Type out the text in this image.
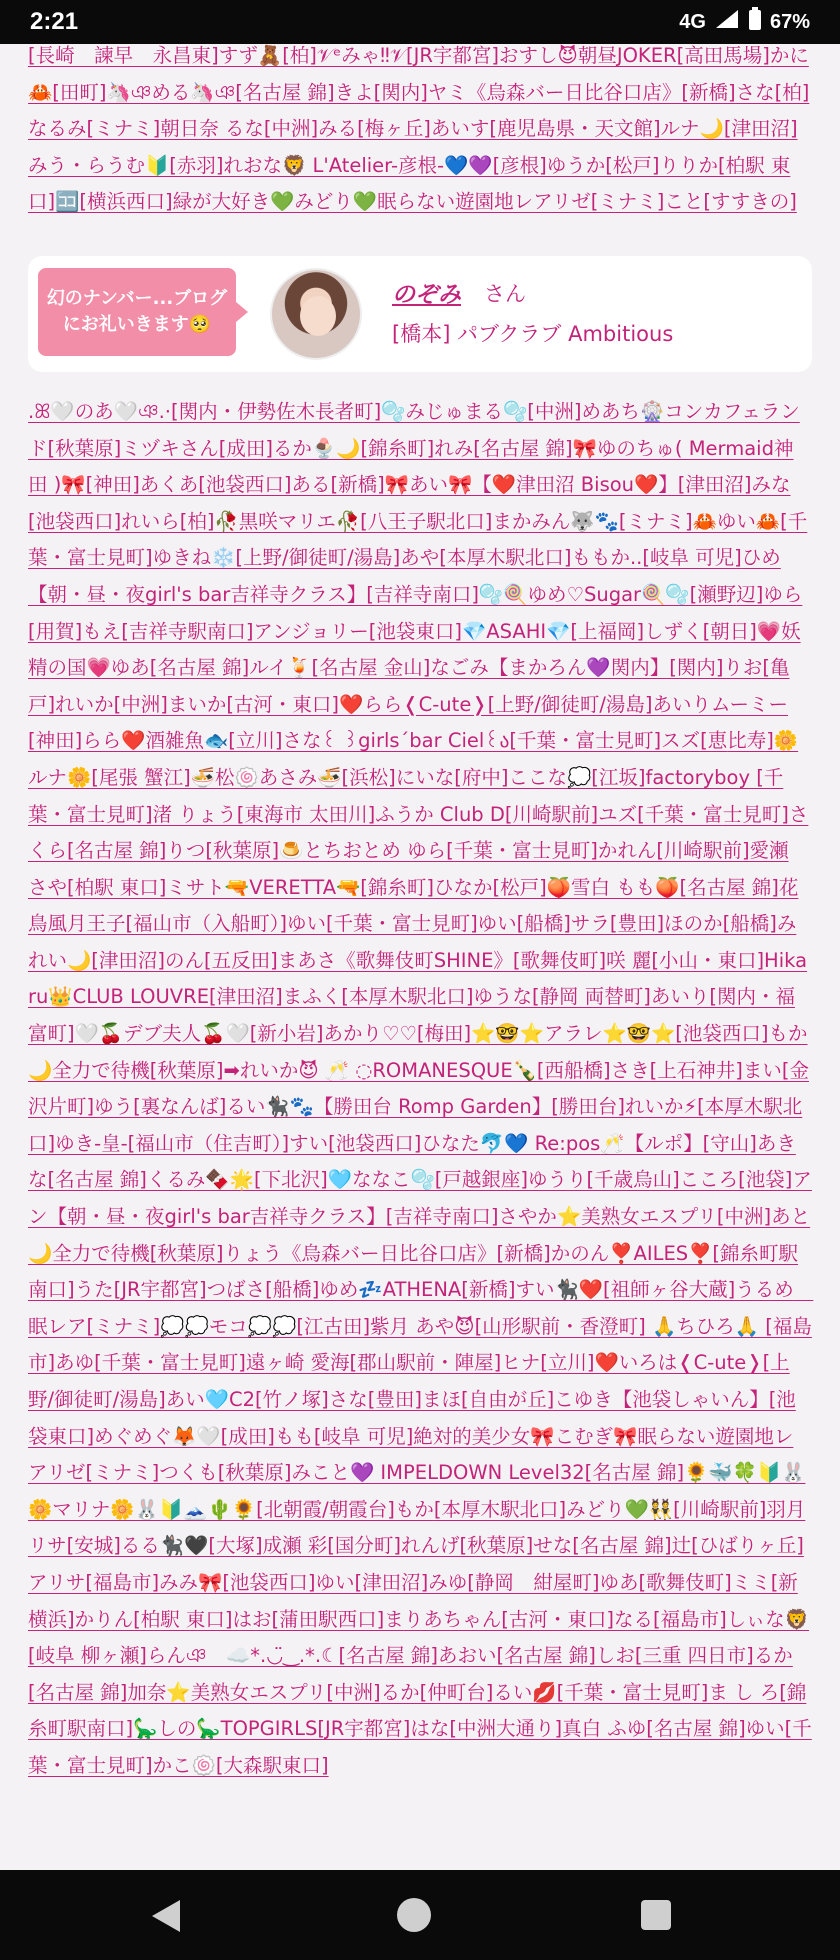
2:21	4G	67%
[長崎　諫早　永昌東]すず🧸[柏]𝒱ᵉみゃ‼︎𝒱[JR宇都宮]おすし😈朝昼JOKER[高田馬場]かに🦀[田町]🦄ঞめる🦄ঞ[名古屋 錦]きよ[関内]ヤミ《烏森バー日比谷口店》[新橋]さな[柏]なるみ[ミナミ]朝日奈 るな[中洲]みる[梅ヶ丘]あいす[鹿児島県・天文館]ルナ🌙[津田沼]みう・らうむ🔰[赤羽]れおな🦁 L'Atelier-彦根-💙💜[彦根]ゆうか[松戸]りりか[柏駅 東口]🈁[横浜西口]緑が大好き💚みどり💚眠らない遊園地レアリゼ[ミナミ]こと[すすきの]
幻のナンバー...ブログにお礼いきます🥺
のぞみ さん
[橋本] パブクラブ Ambitious
.ꕤ🤍のあ🤍ঞ.·[関内・伊勢佐木長者町]🫧みじゅまる🫧[中洲]めあち🎡コンカフェランド[秋葉原]ミヅキさん[成田]るか🍨🌙[錦糸町]れみ[名古屋 錦]🎀ゆのちゅ( Mermaid神田 )🎀[神田]あくあ[池袋西口]ある[新橋]🎀あい🎀【❤️津田沼 Bisou❤️】[津田沼]みな[池袋西口]れいら[柏]🥀黒咲マリエ🥀[八王子駅北口]まかみん🐺🐾[ミナミ]🦀ゆい🦀[千葉・富士見町]ゆきね❄️[上野/御徒町/湯島]あや[本厚木駅北口]ももか..[岐阜 可児]ひめ【朝・昼・夜girl's bar吉祥寺クラス】[吉祥寺南口]🫧🍭ゆめ♡Sugar🍭🫧[瀬野辺]ゆら[用賀]もえ[吉祥寺駅南口]アンジョリー[池袋東口]💎ASAHI💎[上福岡]しずく[朝日]💗妖精の国💗ゆあ[名古屋 錦]ルイ🍹[名古屋 金山]なごみ【まかろん💜関内】[関内]りお[亀戸]れいか[中洲]まいか[古河・東口]❤️らら❬C-ute❭[上野/御徒町/湯島]あいりムーミー[神田]らら❤️酒雑魚🐟[立川]さな꒰ ꒱girls´bar Ciel꒰ა[千葉・富士見町]スズ[恵比寿]🌼ルナ🌼[尾張 蟹江]🍜松🍥あさみ🍜[浜松]にいな[府中]ここな💭[江坂]factoryboy [千葉・富士見町]渚 りょう[東海市 太田川]ふうか Club D[川崎駅前]ユズ[千葉・富士見町]さくら[名古屋 錦]りつ[秋葉原]🍮とちおとめ ゆら[千葉・富士見町]かれん[川崎駅前]愛瀬 さや[柏駅 東口]ミサト🔫VERETTA🔫[錦糸町]ひなか[松戸]🍑雪白 もも🍑[名古屋 錦]花鳥風月王子[福山市（入船町）]ゆい[千葉・富士見町]ゆい[船橋]サラ[豊田]ほのか[船橋]みれい🌙[津田沼]のん[五反田]まあさ《歌舞伎町SHINE》[歌舞伎町]咲 麗[小山・東口]Hikaru👑CLUB LOUVRE[津田沼]まふく[本厚木駅北口]ゆうな[静岡 両替町]あいり[関内・福富町]🤍🍒デブ夫人🍒🤍[新小岩]あかり♡♡[梅田]⭐🤓⭐アラレ⭐🤓⭐[池袋西口]もか🌙全力で待機[秋葉原]➡れいか😈 🥂 ◌ROMANESQUE🍾[西船橋]さき[上石神井]まい[金沢片町]ゆう[裏なんば]るい🐈‍⬛🐾【勝田台 Romp Garden】[勝田台]れいか⚡[本厚木駅北口]ゆき-皇-[福山市（住吉町）]すい[池袋西口]ひなた🐬💙 Re:pos🥂【ルポ】[守山]あきな[名古屋 錦]くるみ🍫🌟[下北沢]🩵ななこ🫧[戸越銀座]ゆうり[千歳烏山]こころ[池袋]アン【朝・昼・夜girl's bar吉祥寺クラス】[吉祥寺南口]さやか⭐美熟女エスプリ[中洲]あと🌙全力で待機[秋葉原]りょう《烏森バー日比谷口店》[新橋]かのん❣️AILES❣️[錦糸町駅南口]うた[JR宇都宮]つばさ[船橋]ゆめ💤ATHENA[新橋]すい🐈‍⬛❤️[祖師ヶ谷大蔵]うるめ　眠レア[ミナミ]💭💭モコ💭💭[江古田]紫月 あや😈[山形駅前・香澄町] 🙏ちひろ🙏 [福島市]あゆ[千葉・富士見町]遠ヶ崎 愛海[郡山駅前・陣屋]ヒナ[立川]❤️いろは❬C-ute❭[上野/御徒町/湯島]あい🩵C2[竹ノ塚]さな[豊田]まほ[自由が丘]こゆき【池袋しゃいん】[池袋東口]めぐめぐ🦊🤍[成田]もも[岐阜 可児]絶対的美少女🎀こむぎ🎀眠らない遊園地レアリゼ[ミナミ]つくも[秋葉原]みこと💜 IMPELDOWN Level32[名古屋 錦]🌻🐳🍀🔰🐰🌼マリナ🌼🐰🔰🗻🌵🌻[北朝霞/朝霞台]もか[本厚木駅北口]みどり💚👯[川崎駅前]羽月 リサ[安城]るる🐈‍⬛🖤[大塚]成瀬 彩[国分町]れんげ[秋葉原]せな[名古屋 錦]辻[ひばりヶ丘]アリサ[福島市]みみ🎀[池袋西口]ゆい[津田沼]みゆ[静岡　紺屋町]ゆあ[歌舞伎町]ミミ[新横浜]かりん[柏駅 東口]はお[蒲田駅西口]まりあちゃん[古河・東口]なる[福島市]しぃな🦁[岐阜 柳ヶ瀬]らんঞ　☁️*.◡̈‿.*.☾[名古屋 錦]あおい[名古屋 錦]しお[三重 四日市]るか[名古屋 錦]加奈⭐美熟女エスプリ[中洲]るか[仲町台]るい💋[千葉・富士見町]ま し ろ[錦糸町駅南口]🦕しの🦕TOPGIRLS[JR宇都宮]はな[中洲大通り]真白 ふゆ[名古屋 錦]ゆい[千葉・富士見町]かこ🍥[大森駅東口]
